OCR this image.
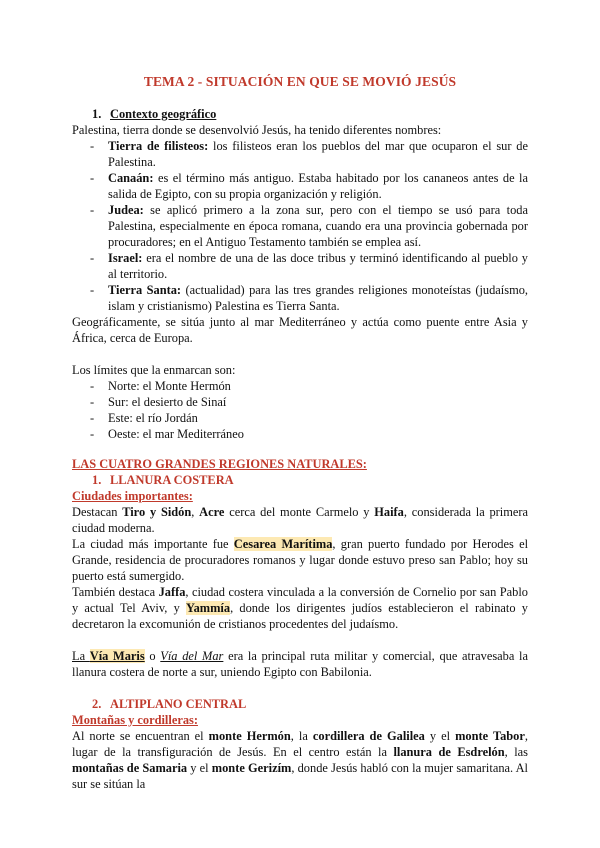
TEMA 2 - SITUACIÓN EN QUE SE MOVIÓ JESÚS
1. Contexto geográfico
Palestina, tierra donde se desenvolvió Jesús, ha tenido diferentes nombres:
- Tierra de filisteos: los filisteos eran los pueblos del mar que ocuparon el sur de Palestina.
- Canaán: es el término más antiguo. Estaba habitado por los cananeos antes de la salida de Egipto, con su propia organización y religión.
- Judea: se aplicó primero a la zona sur, pero con el tiempo se usó para toda Palestina, especialmente en época romana, cuando era una provincia gobernada por procuradores; en el Antiguo Testamento también se emplea así.
- Israel: era el nombre de una de las doce tribus y terminó identificando al pueblo y al territorio.
- Tierra Santa: (actualidad) para las tres grandes religiones monoteístas (judaísmo, islam y cristianismo) Palestina es Tierra Santa.
Geográficamente, se sitúa junto al mar Mediterráneo y actúa como puente entre Asia y África, cerca de Europa.
Los límites que la enmarcan son:
- Norte: el Monte Hermón
- Sur: el desierto de Sinaí
- Este: el río Jordán
- Oeste: el mar Mediterráneo
LAS CUATRO GRANDES REGIONES NATURALES:
1. LLANURA COSTERA
Ciudades importantes:
Destacan Tiro y Sidón, Acre cerca del monte Carmelo y Haifa, considerada la primera ciudad moderna.
La ciudad más importante fue Cesarea Marítima, gran puerto fundado por Herodes el Grande, residencia de procuradores romanos y lugar donde estuvo preso san Pablo; hoy su puerto está sumergido.
También destaca Jaffa, ciudad costera vinculada a la conversión de Cornelio por san Pablo y actual Tel Aviv, y Yammía, donde los dirigentes judíos establecieron el rabinato y decretaron la excomunión de cristianos procedentes del judaísmo.
La Vía Maris o Vía del Mar era la principal ruta militar y comercial, que atravesaba la llanura costera de norte a sur, uniendo Egipto con Babilonia.
2. ALTIPLANO CENTRAL
Montañas y cordilleras:
Al norte se encuentran el monte Hermón, la cordillera de Galilea y el monte Tabor, lugar de la transfiguración de Jesús. En el centro están la llanura de Esdrelón, las montañas de Samaria y el monte Gerizím, donde Jesús habló con la mujer samaritana. Al sur se sitúan la
